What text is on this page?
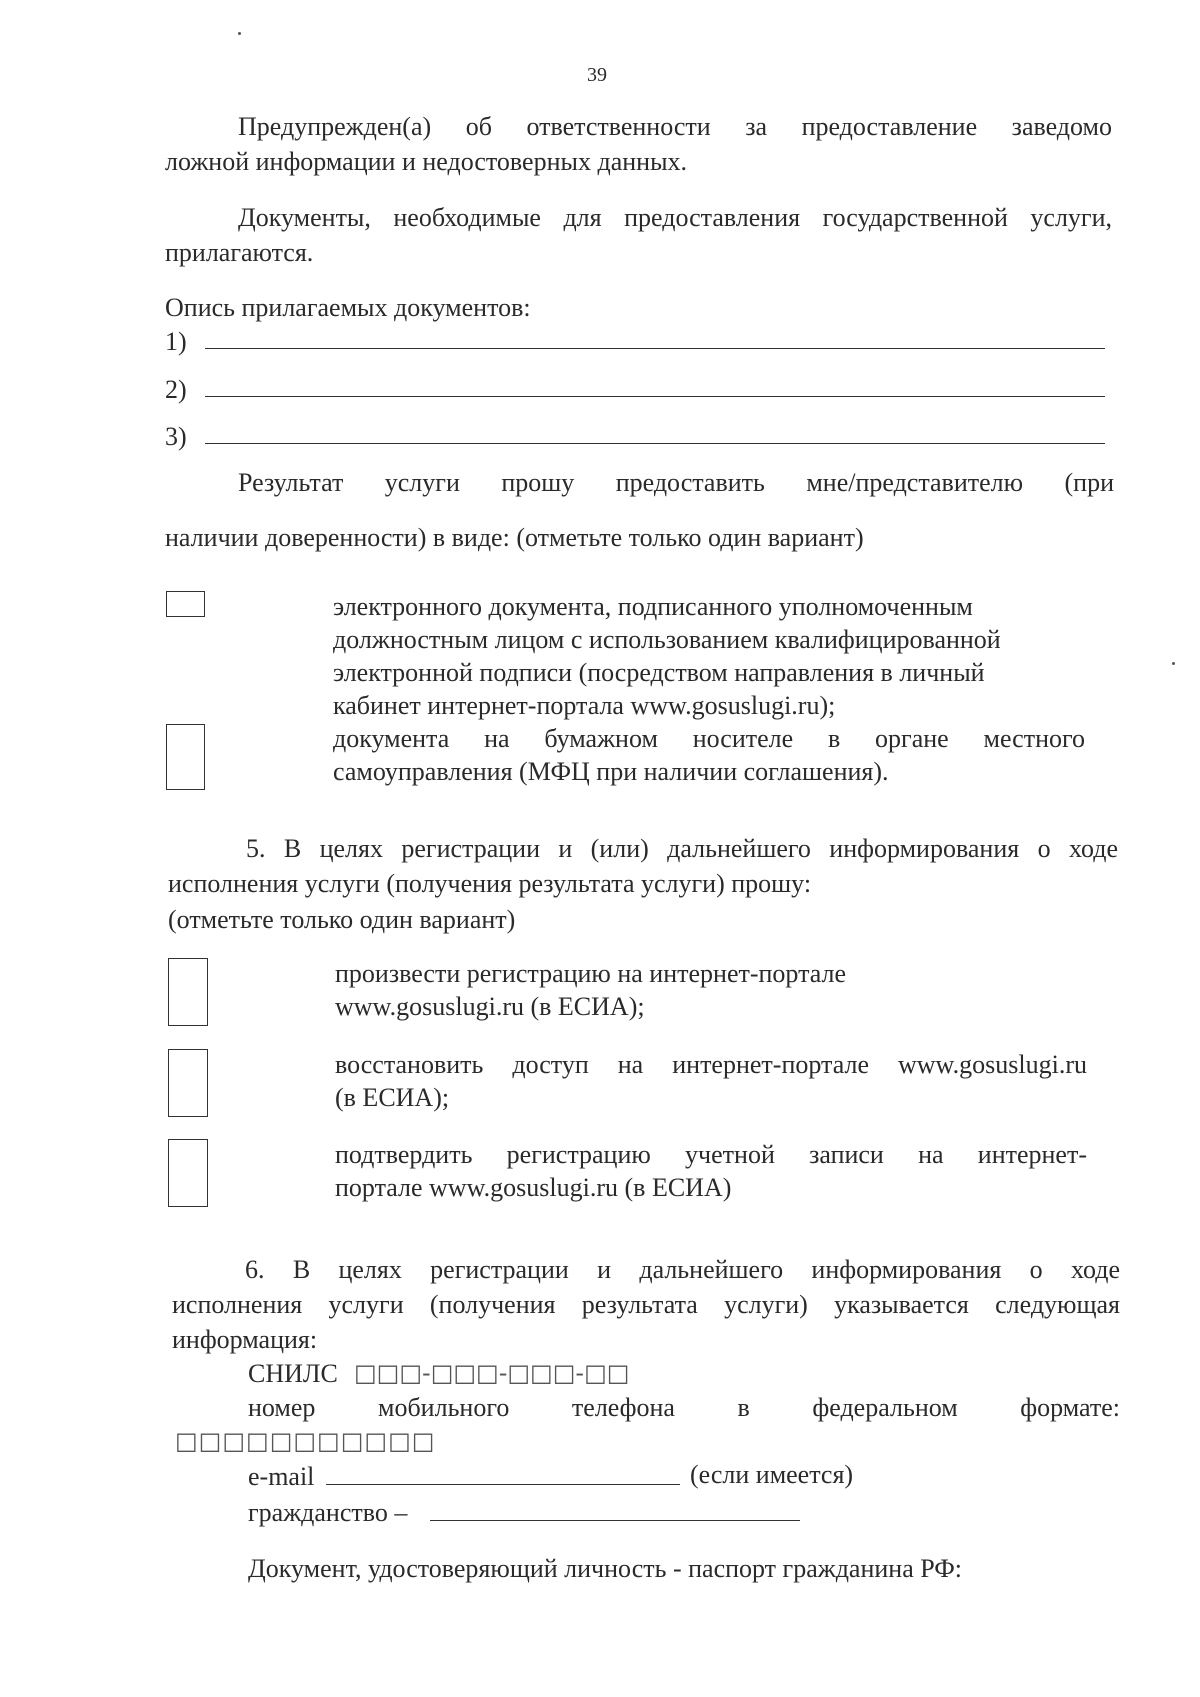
39
Предупрежден(а) об ответственности за предоставление заведомо
ложной информации и недостоверных данных.
Документы, необходимые для предоставления государственной услуги,
прилагаются.
Опись прилагаемых документов:
1)
2)
3)
Результат услуги прошу предоставить мне/представителю (при
наличии доверенности) в виде: (отметьте только один вариант)
электронного документа, подписанного уполномоченным
должностным лицом с использованием квалифицированной
электронной подписи (посредством направления в личный
кабинет интернет-портала www.gosuslugi.ru);
документа на бумажном носителе в органе местного
самоуправления (МФЦ при наличии соглашения).
5. В целях регистрации и (или) дальнейшего информирования о ходе
исполнения услуги (получения результата услуги) прошу:
(отметьте только один вариант)
произвести регистрацию на интернет-портале
www.gosuslugi.ru (в ЕСИА);
восстановить доступ на интернет-портале www.gosuslugi.ru
(в ЕСИА);
подтвердить регистрацию учетной записи на интернет-
портале www.gosuslugi.ru (в ЕСИА)
6. В целях регистрации и дальнейшего информирования о ходе
исполнения услуги (получения результата услуги) указывается следующая
информация:
СНИЛС □□□-□□□-□□□-□□
номер мобильного телефона в федеральном формате:
□□□□□□□□□□□
e-mail	(если имеется)
гражданство –
Документ, удостоверяющий личность - паспорт гражданина РФ:
